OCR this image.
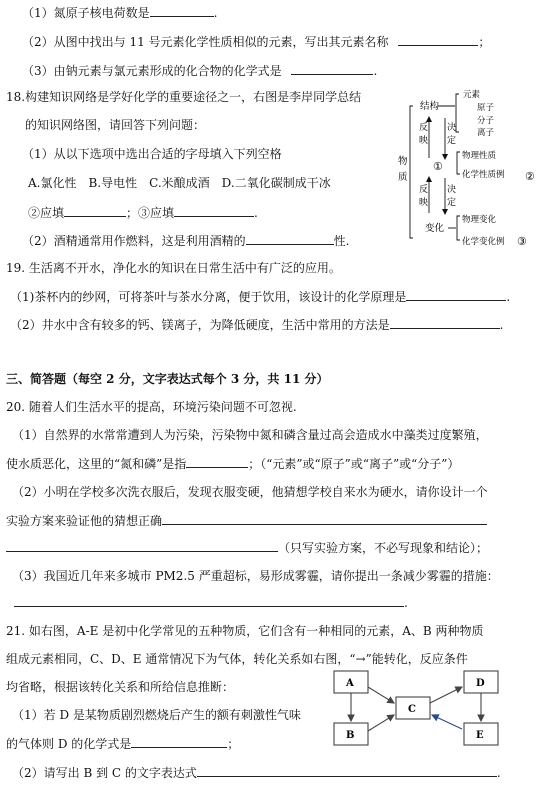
（1）氮原子核电荷数是	.
（2）从图中找出与 11 号元素化学性质相似的元素，写出其元素名称	；
（3）由钠元素与氯元素形成的化合物的化学式是	.
18.构建知识网络是学好化学的重要途径之一，右图是李岸同学总结
的知识网络图，请回答下列问题：
（1）从以下选项中选出合适的字母填入下列空格
A.氯化性　B.导电性　C.米酿成酒　D.二氧化碳制成干冰
②应填	；③应填	.
（2）酒精通常用作燃料，这是利用酒精的	性.
结构
元素
原子
分子
离子
反
映
决
定
物
质
①
物理性质
化学性质例 ②
反
映
决
定
变化
物理变化
化学变化例 ③
19. 生活离不开水，净化水的知识在日常生活中有广泛的应用。
（1)茶杯内的纱网，可将茶叶与茶水分离，便于饮用，该设计的化学原理是	.
（2）井水中含有较多的钙、镁离子，为降低硬度，生活中常用的方法是	.
三、简答题（每空 2 分，文字表达式每个 3 分，共 11 分）
20. 随着人们生活水平的提高，环境污染问题不可忽视.
（1）自然界的水常常遭到人为污染，污染物中氮和磷含量过高会造成水中藻类过度繁殖，
使水质恶化，这里的“氮和磷”是指	；（“元素”或“原子”或“离子”或“分子”）
（2）小明在学校多次洗衣服后，发现衣服变硬，他猜想学校自来水为硬水，请你设计一个
实验方案来验证他的猜想正确
（只写实验方案，不必写现象和结论）；
（3）我国近几年来多城市 PM2.5 严重超标，易形成雾霾，请你提出一条减少雾霾的措施：
.
21. 如右图，A-E 是初中化学常见的五种物质，它们含有一种相同的元素，A、B 两种物质
组成元素相同，C、D、E 通常情况下为气体，转化关系如右图，“→”能转化，反应条件
均省略，根据该转化关系和所给信息推断：
（1）若 D 是某物质剧烈燃烧后产生的额有刺激性气味
的气体则 D 的化学式是	；
（2）请写出 B 到 C 的文字表达式	.
A
B
C
D
E
